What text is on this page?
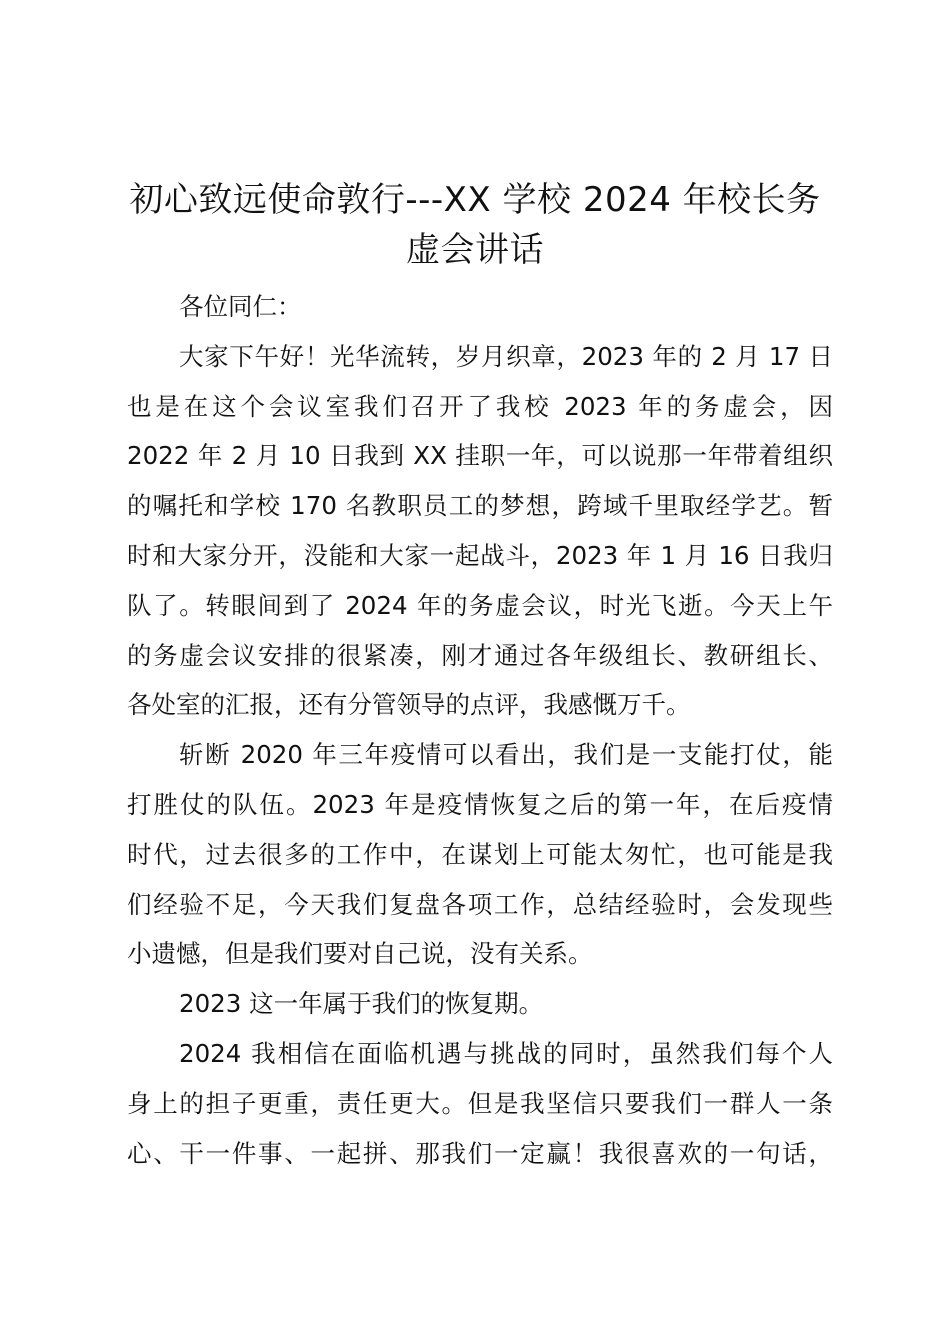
初心致远使命敦行---XX 学校 2024 年校长务
虚会讲话
各位同仁：
大家下午好！光华流转，岁月织章，2023 年的 2 月 17 日
也是在这个会议室我们召开了我校 2023 年的务虚会，因
2022 年 2 月 10 日我到 XX 挂职一年，可以说那一年带着组织
的嘱托和学校 170 名教职员工的梦想，跨域千里取经学艺。暂
时和大家分开，没能和大家一起战斗，2023 年 1 月 16 日我归
队了。转眼间到了 2024 年的务虚会议，时光飞逝。今天上午
的务虚会议安排的很紧凑，刚才通过各年级组长、教研组长、
各处室的汇报，还有分管领导的点评，我感慨万千。
斩断 2020 年三年疫情可以看出，我们是一支能打仗，能
打胜仗的队伍。2023 年是疫情恢复之后的第一年，在后疫情
时代，过去很多的工作中，在谋划上可能太匆忙，也可能是我
们经验不足，今天我们复盘各项工作，总结经验时，会发现些
小遗憾，但是我们要对自己说，没有关系。
2023 这一年属于我们的恢复期。
2024 我相信在面临机遇与挑战的同时，虽然我们每个人
身上的担子更重，责任更大。但是我坚信只要我们一群人一条
心、干一件事、一起拼、那我们一定赢！我很喜欢的一句话，
